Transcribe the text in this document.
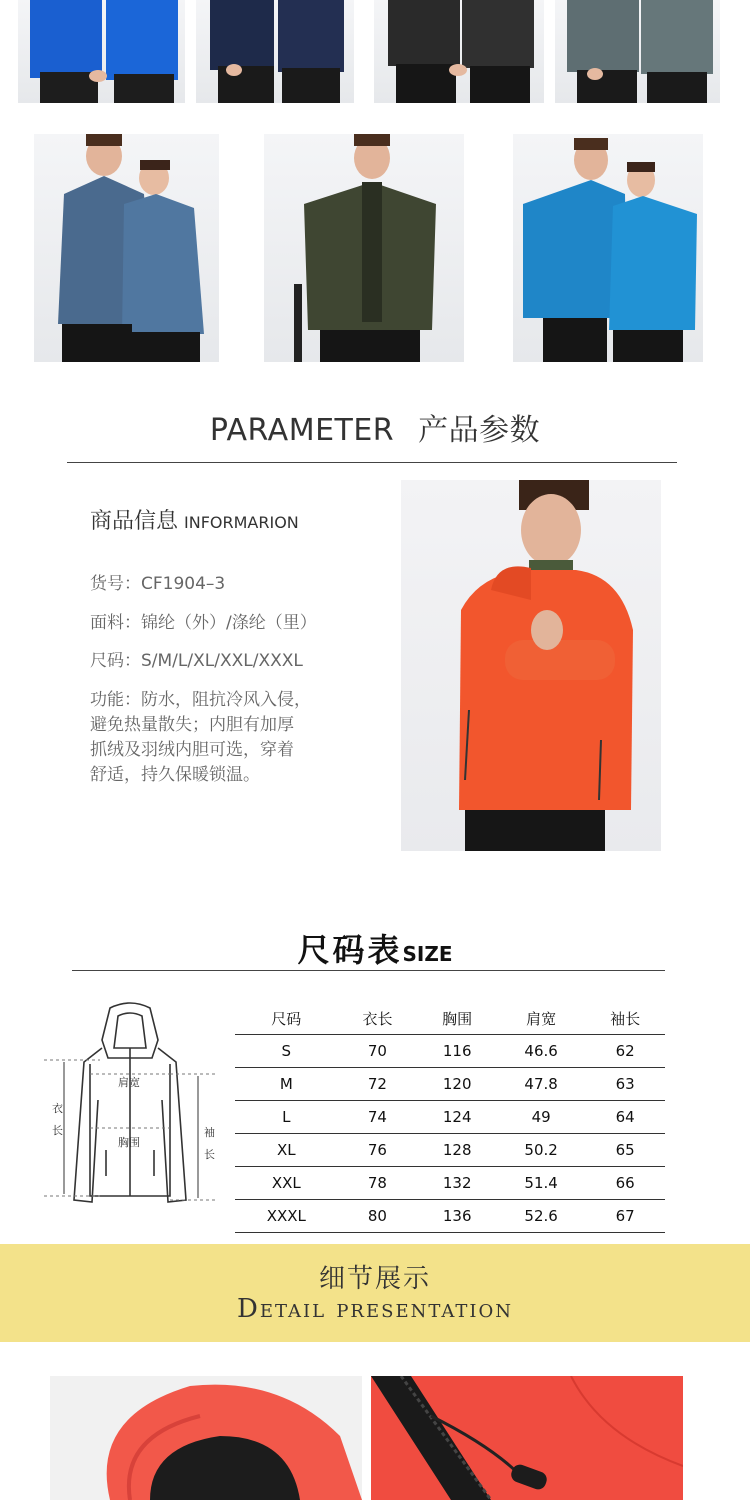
PARAMETER 产品参数
商品信息 INFORMARION
货号：CF1904–3
面料：锦纶（外）/涤纶（里）
尺码：S/M/L/XL/XXL/XXXL
功能：防水，阻抗冷风入侵，
避免热量散失；内胆有加厚
抓绒及羽绒内胆可选，穿着
舒适，持久保暖锁温。
尺码表SIZE
衣
长
肩宽
胸围
袖
长
尺码	衣长	胸围	肩宽	袖长
S	70	116	46.6	62
M	72	120	47.8	63
L	74	124	49	64
XL	76	128	50.2	65
XXL	78	132	51.4	66
XXXL	80	136	52.6	67
细节展示
Detail presentation
